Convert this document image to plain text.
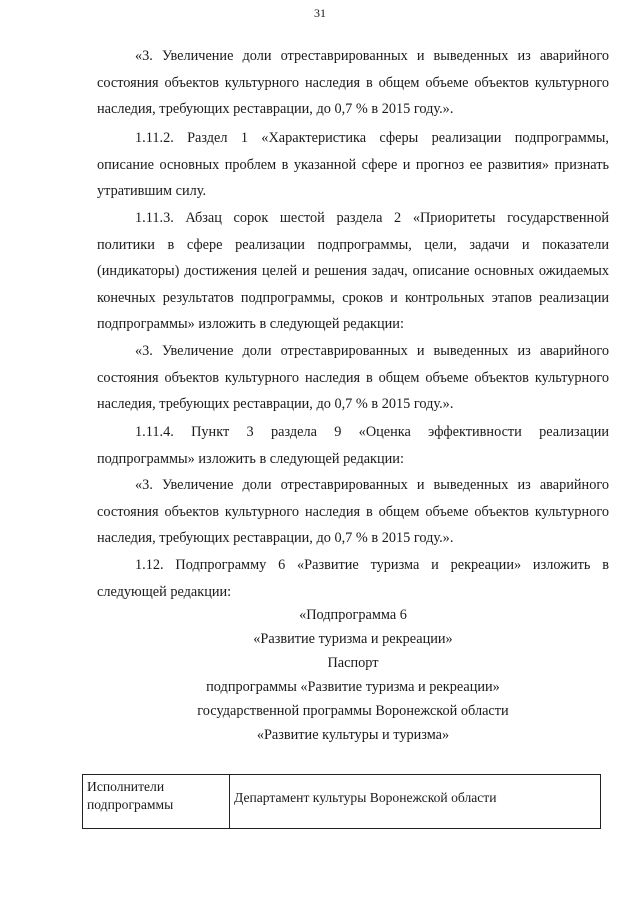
31

«3. Увеличение доли отреставрированных и выведенных из аварийного состояния объектов культурного наследия в общем объеме объектов культурного наследия, требующих реставрации, до 0,7 % в 2015 году.».

1.11.2. Раздел 1 «Характеристика сферы реализации подпрограммы, описание основных проблем в указанной сфере и прогноз ее развития» признать утратившим силу.

1.11.3. Абзац сорок шестой раздела 2 «Приоритеты государственной политики в сфере реализации подпрограммы, цели, задачи и показатели (индикаторы) достижения целей и решения задач, описание основных ожидаемых конечных результатов подпрограммы, сроков и контрольных этапов реализации подпрограммы» изложить в следующей редакции:

«3. Увеличение доли отреставрированных и выведенных из аварийного состояния объектов культурного наследия в общем объеме объектов культурного наследия, требующих реставрации, до 0,7 % в 2015 году.».

1.11.4. Пункт 3 раздела 9 «Оценка эффективности реализации подпрограммы» изложить в следующей редакции:

«3. Увеличение доли отреставрированных и выведенных из аварийного состояния объектов культурного наследия в общем объеме объектов культурного наследия, требующих реставрации, до 0,7 % в 2015 году.».

1.12. Подпрограмму 6 «Развитие туризма и рекреации» изложить в следующей редакции:

«Подпрограмма 6
«Развитие туризма и рекреации»
Паспорт
подпрограммы «Развитие туризма и рекреации»
государственной программы Воронежской области
«Развитие культуры и туризма»
Исполнители подпрограммы	Департамент культуры Воронежской области
